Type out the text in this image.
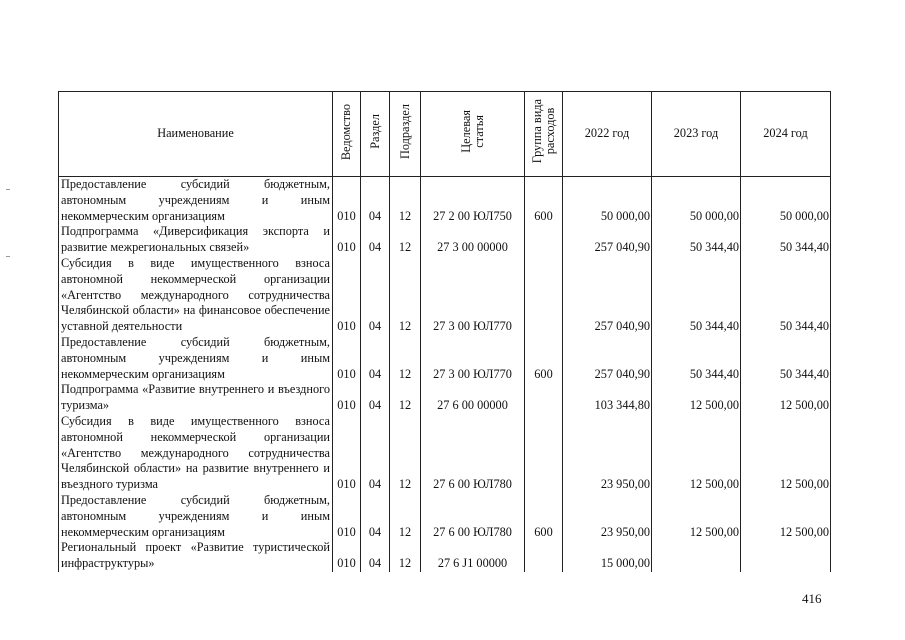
Наименование	Ведомство	Раздел	Подраздел	Целевая статья	Группа вида расходов	2022 год	2023 год	2024 год
Предоставление субсидий бюджетным, автономным учреждениям и иным некоммерческим организациям	010	04	12	27 2 00 ЮЛ750	600	50 000,00	50 000,00	50 000,00
Подпрограмма «Диверсификация экспорта и развитие межрегиональных связей»	010	04	12	27 3 00 00000		257 040,90	50 344,40	50 344,40
Субсидия в виде имущественного взноса автономной некоммерческой организации «Агентство международного сотрудничества Челябинской области» на финансовое обеспечение уставной деятельности	010	04	12	27 3 00 ЮЛ770		257 040,90	50 344,40	50 344,40
Предоставление субсидий бюджетным, автономным учреждениям и иным некоммерческим организациям	010	04	12	27 3 00 ЮЛ770	600	257 040,90	50 344,40	50 344,40
Подпрограмма «Развитие внутреннего и въездного туризма»	010	04	12	27 6 00 00000		103 344,80	12 500,00	12 500,00
Субсидия в виде имущественного взноса автономной некоммерческой организации «Агентство международного сотрудничества Челябинской области» на развитие внутреннего и въездного туризма	010	04	12	27 6 00 ЮЛ780		23 950,00	12 500,00	12 500,00
Предоставление субсидий бюджетным, автономным учреждениям и иным некоммерческим организациям	010	04	12	27 6 00 ЮЛ780	600	23 950,00	12 500,00	12 500,00
Региональный проект «Развитие туристической инфраструктуры»	010	04	12	27 6 J1 00000		15 000,00		
416
